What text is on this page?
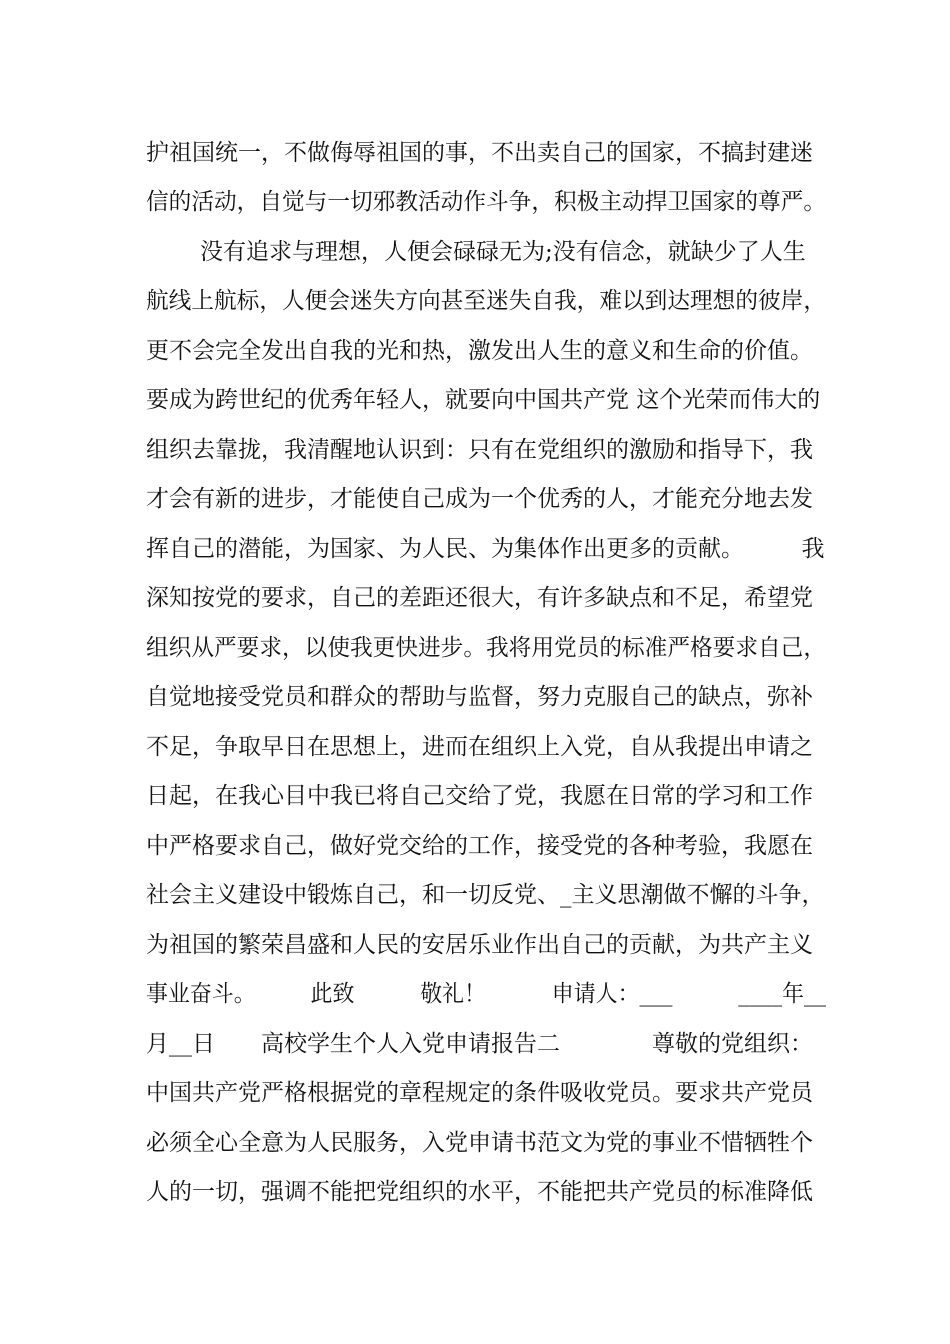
护祖国统一，不做侮辱祖国的事，不出卖自己的国家，不搞封建迷
信的活动，自觉与一切邪教活动作斗争，积极主动捍卫国家的尊严。
没有追求与理想，人便会碌碌无为;没有信念，就缺少了人生
航线上航标，人便会迷失方向甚至迷失自我，难以到达理想的彼岸，
更不会完全发出自我的光和热，激发出人生的意义和生命的价值。
要成为跨世纪的优秀年轻人，就要向中国共产党 这个光荣而伟大的
组织去靠拢，我清醒地认识到：只有在党组织的激励和指导下，我
才会有新的进步，才能使自己成为一个优秀的人，才能充分地去发
挥自己的潜能，为国家、为人民、为集体作出更多的贡献。　　　我
深知按党的要求，自己的差距还很大，有许多缺点和不足，希望党
组织从严要求，以使我更快进步。我将用党员的标准严格要求自己，
自觉地接受党员和群众的帮助与监督，努力克服自己的缺点，弥补
不足，争取早日在思想上，进而在组织上入党，自从我提出申请之
日起，在我心目中我已将自己交给了党，我愿在日常的学习和工作
中严格要求自己，做好党交给的工作，接受党的各种考验，我愿在
社会主义建设中锻炼自己，和一切反党、_主义思潮做不懈的斗争，
为祖国的繁荣昌盛和人民的安居乐业作出自己的贡献，为共产主义
事业奋斗。　　　此致　　　敬礼！　　　申请人：___　　　____年__
月__日　　高校学生个人入党申请报告二　　　　尊敬的党组织：
中国共产党严格根据党的章程规定的条件吸收党员。要求共产党员
必须全心全意为人民服务，入党申请书范文为党的事业不惜牺牲个
人的一切，强调不能把党组织的水平，不能把共产党员的标准降低
